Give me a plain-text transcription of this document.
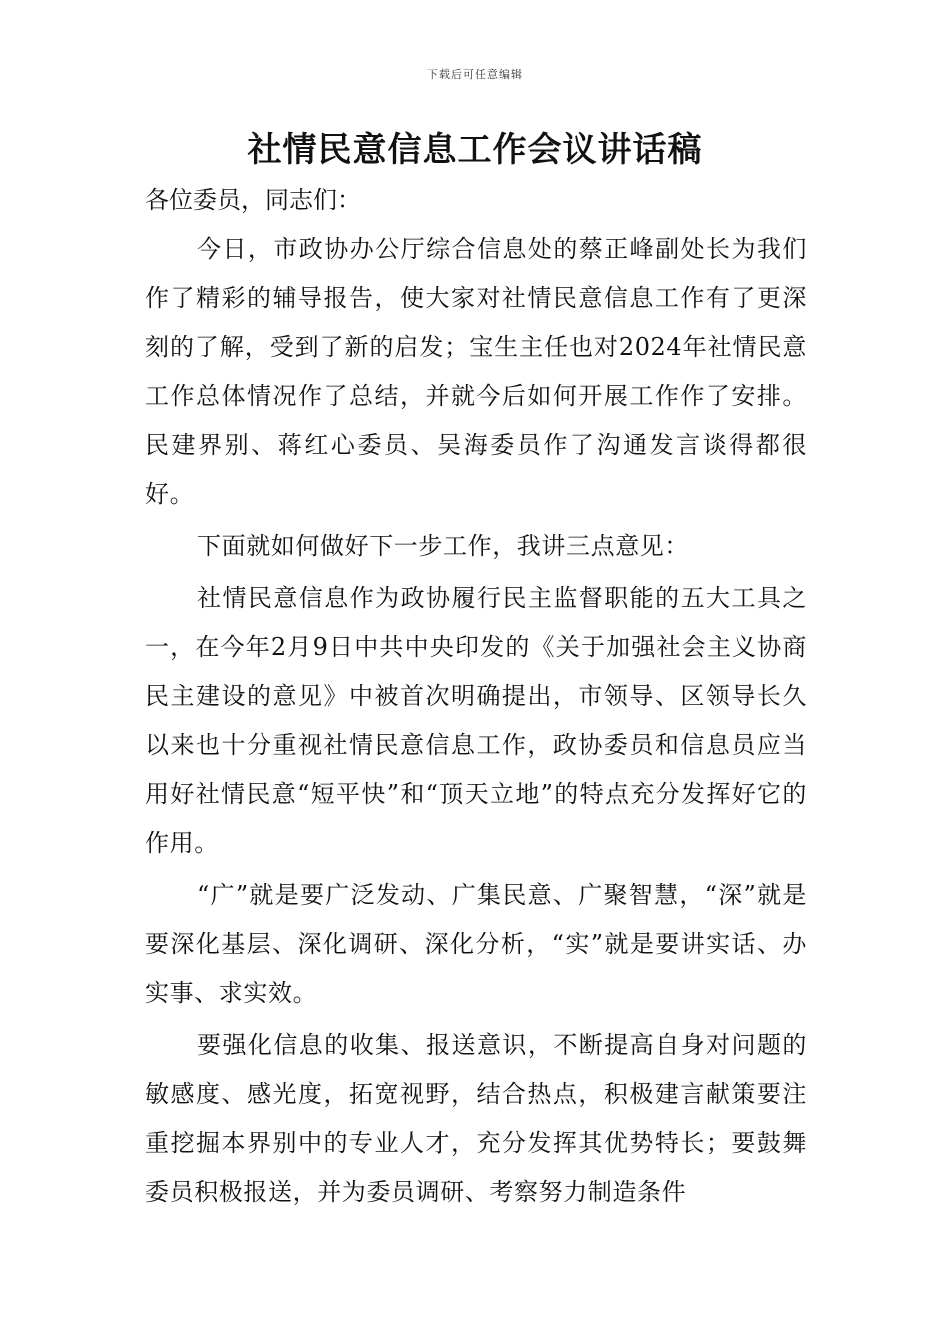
下载后可任意编辑
社情民意信息工作会议讲话稿

各位委员，同志们：

今日，市政协办公厅综合信息处的蔡正峰副处长为我们作了精彩的辅导报告，使大家对社情民意信息工作有了更深刻的了解，受到了新的启发；宝生主任也对2024年社情民意工作总体情况作了总结，并就今后如何开展工作作了安排。民建界别、蒋红心委员、吴海委员作了沟通发言谈得都很好。

下面就如何做好下一步工作，我讲三点意见：

社情民意信息作为政协履行民主监督职能的五大工具之一，在今年2月9日中共中央印发的《关于加强社会主义协商民主建设的意见》中被首次明确提出，市领导、区领导长久以来也十分重视社情民意信息工作，政协委员和信息员应当用好社情民意“短平快”和“顶天立地”的特点充分发挥好它的作用。

“广”就是要广泛发动、广集民意、广聚智慧，“深”就是要深化基层、深化调研、深化分析，“实”就是要讲实话、办实事、求实效。

要强化信息的收集、报送意识，不断提高自身对问题的敏感度、感光度，拓宽视野，结合热点，积极建言献策要注重挖掘本界别中的专业人才，充分发挥其优势特长；要鼓舞委员积极报送，并为委员调研、考察努力制造条件
